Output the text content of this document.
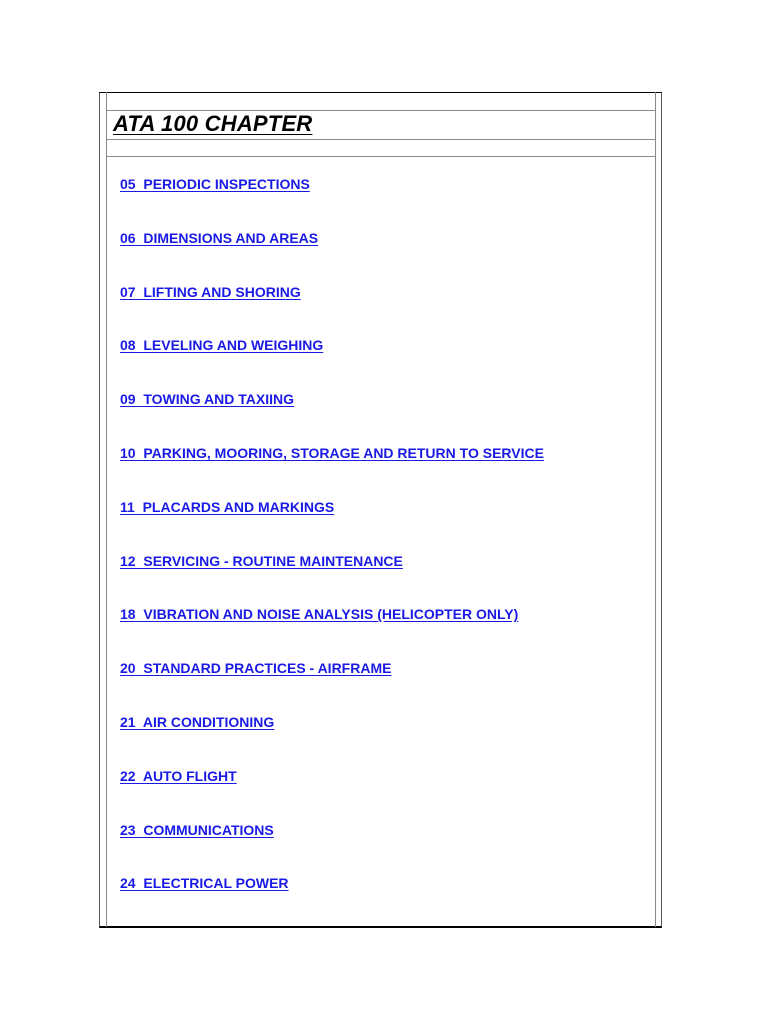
ATA 100 CHAPTER
05  PERIODIC INSPECTIONS
06  DIMENSIONS AND AREAS
07  LIFTING AND SHORING
08  LEVELING AND WEIGHING
09  TOWING AND TAXIING
10  PARKING, MOORING, STORAGE AND RETURN TO SERVICE
11  PLACARDS AND MARKINGS
12  SERVICING - ROUTINE MAINTENANCE
18  VIBRATION AND NOISE ANALYSIS (HELICOPTER ONLY)
20  STANDARD PRACTICES - AIRFRAME
21  AIR CONDITIONING
22  AUTO FLIGHT
23  COMMUNICATIONS
24  ELECTRICAL POWER
